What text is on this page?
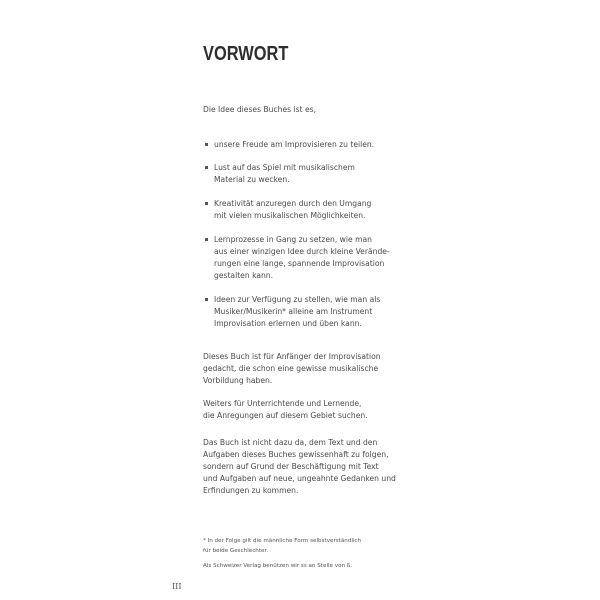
VORWORT
Die Idee dieses Buches ist es,
unsere Freude am Improvisieren zu teilen.
Lust auf das Spiel mit musikalischem
Material zu wecken.
Kreativität anzuregen durch den Umgang
mit vielen musikalischen Möglichkeiten.
Lernprozesse in Gang zu setzen, wie man
aus einer winzigen Idee durch kleine Verände-
rungen eine lange, spannende Improvisation
gestalten kann.
Ideen zur Verfügung zu stellen, wie man als
Musiker/Musikerin* alleine am Instrument
Improvisation erlernen und üben kann.
Dieses Buch ist für Anfänger der Improvisation
gedacht, die schon eine gewisse musikalische
Vorbildung haben.
Weiters für Unterrichtende und Lernende,
die Anregungen auf diesem Gebiet suchen.
Das Buch ist nicht dazu da, dem Text und den
Aufgaben dieses Buches gewissenhaft zu folgen,
sondern auf Grund der Beschäftigung mit Text
und Aufgaben auf neue, ungeahnte Gedanken und
Erfindungen zu kommen.
* In der Folge gilt die männliche Form selbstverständlich
für beide Geschlechter.
Als Schweizer Verlag benützen wir ss an Stelle von ß.
III
